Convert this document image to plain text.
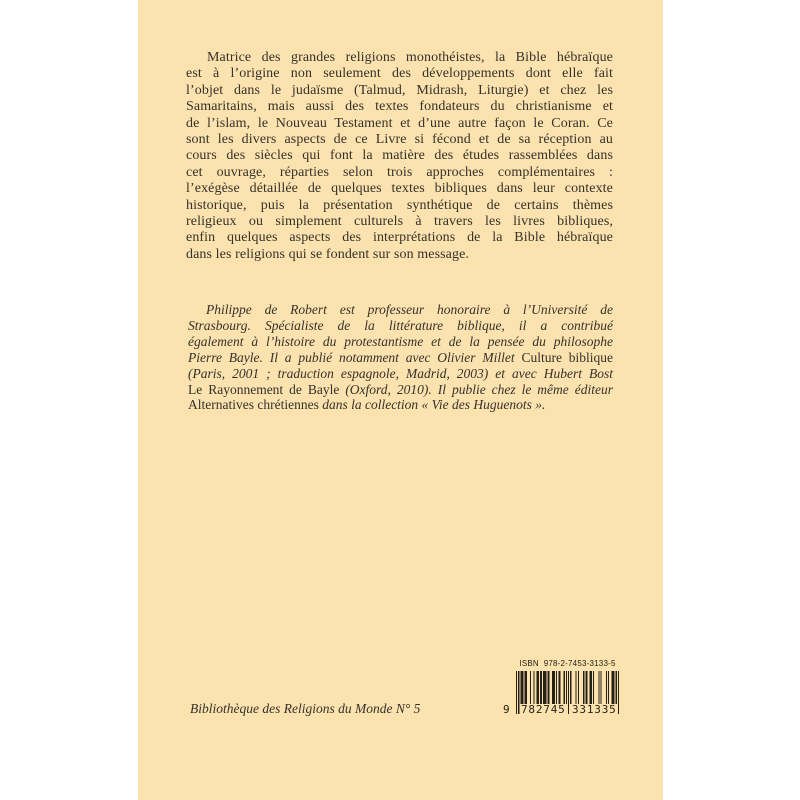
Matrice des grandes religions monothéistes, la Bible hébraïque
est à l’origine non seulement des développements dont elle fait
l’objet dans le judaïsme (Talmud, Midrash, Liturgie) et chez les
Samaritains, mais aussi des textes fondateurs du christianisme et
de l’islam, le Nouveau Testament et d’une autre façon le Coran. Ce
sont les divers aspects de ce Livre si fécond et de sa réception au
cours des siècles qui font la matière des études rassemblées dans
cet ouvrage, réparties selon trois approches complémentaires :
l’exégèse détaillée de quelques textes bibliques dans leur contexte
historique, puis la présentation synthétique de certains thèmes
religieux ou simplement culturels à travers les livres bibliques,
enfin quelques aspects des interprétations de la Bible hébraïque
dans les religions qui se fondent sur son message.
Philippe de Robert est professeur honoraire à l’Université de
Strasbourg. Spécialiste de la littérature biblique, il a contribué
également à l’histoire du protestantisme et de la pensée du philosophe
Pierre Bayle. Il a publié notamment avec Olivier Millet Culture biblique
(Paris, 2001 ; traduction espagnole, Madrid, 2003) et avec Hubert Bost
Le Rayonnement de Bayle (Oxford, 2010). Il publie chez le même éditeur
Alternatives chrétiennes dans la collection « Vie des Huguenots ».
Bibliothèque des Religions du Monde N° 5
ISBN  978-2-7453-3133-5
9 782745 331335
